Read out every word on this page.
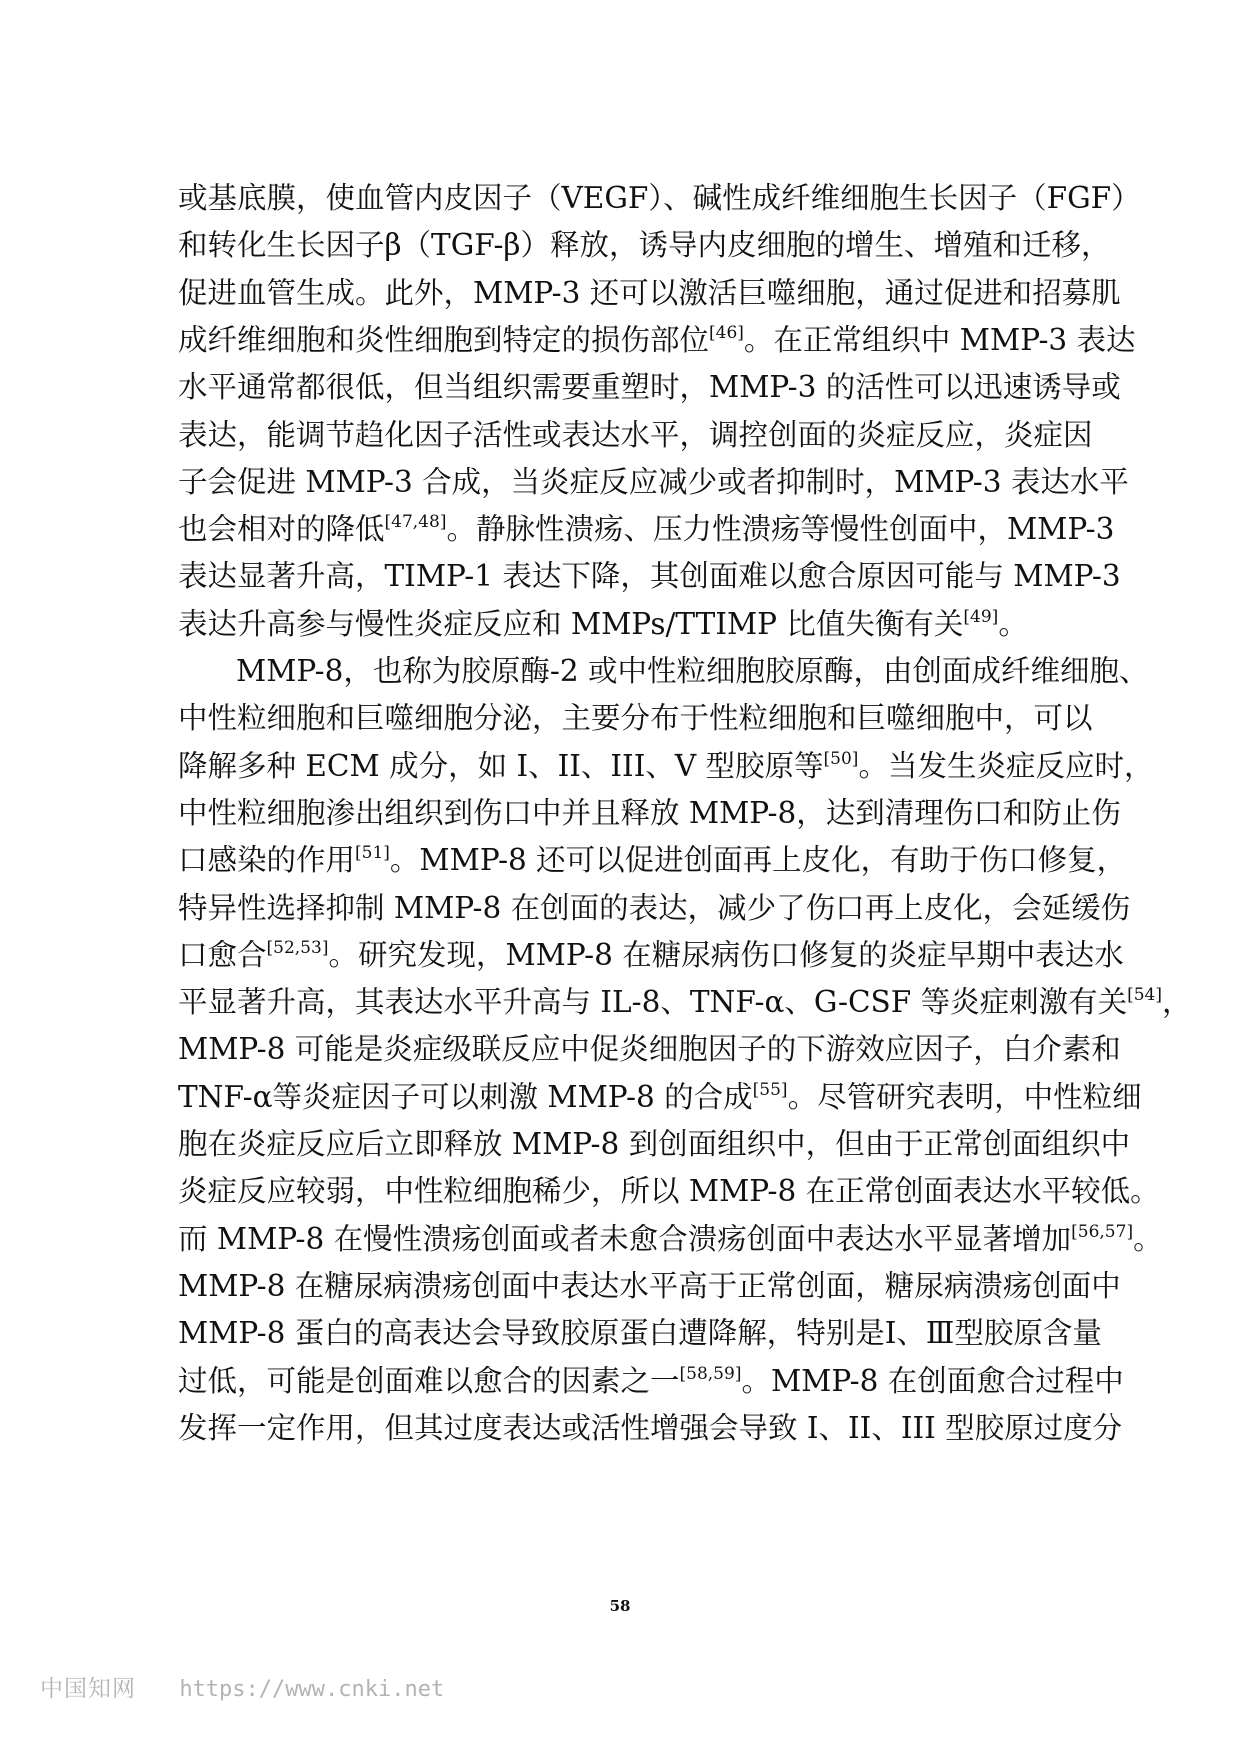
或基底膜，使血管内皮因子（VEGF）、碱性成纤维细胞生长因子（FGF）
和转化生长因子β（TGF-β）释放，诱导内皮细胞的增生、增殖和迁移，
促进血管生成。此外，MMP-3 还可以激活巨噬细胞，通过促进和招募肌
成纤维细胞和炎性细胞到特定的损伤部位[46]。在正常组织中 MMP-3 表达
水平通常都很低，但当组织需要重塑时，MMP-3 的活性可以迅速诱导或
表达，能调节趋化因子活性或表达水平，调控创面的炎症反应，炎症因
子会促进 MMP-3 合成，当炎症反应减少或者抑制时，MMP-3 表达水平
也会相对的降低[47,48]。静脉性溃疡、压力性溃疡等慢性创面中，MMP-3
表达显著升高，TIMP-1 表达下降，其创面难以愈合原因可能与 MMP-3
表达升高参与慢性炎症反应和 MMPs/TTIMP 比值失衡有关[49]。
MMP-8，也称为胶原酶-2 或中性粒细胞胶原酶，由创面成纤维细胞、
中性粒细胞和巨噬细胞分泌，主要分布于性粒细胞和巨噬细胞中，可以
降解多种 ECM 成分，如 I、II、III、V 型胶原等[50]。当发生炎症反应时，
中性粒细胞渗出组织到伤口中并且释放 MMP-8，达到清理伤口和防止伤
口感染的作用[51]。MMP-8 还可以促进创面再上皮化，有助于伤口修复，
特异性选择抑制 MMP-8 在创面的表达，减少了伤口再上皮化，会延缓伤
口愈合[52,53]。研究发现，MMP-8 在糖尿病伤口修复的炎症早期中表达水
平显著升高，其表达水平升高与 IL-8、TNF-α、G-CSF 等炎症刺激有关[54]，
MMP-8 可能是炎症级联反应中促炎细胞因子的下游效应因子，白介素和
TNF-α等炎症因子可以刺激 MMP-8 的合成[55]。尽管研究表明，中性粒细
胞在炎症反应后立即释放 MMP-8 到创面组织中，但由于正常创面组织中
炎症反应较弱，中性粒细胞稀少，所以 MMP-8 在正常创面表达水平较低。
而 MMP-8 在慢性溃疡创面或者未愈合溃疡创面中表达水平显著增加[56,57]。
MMP-8 在糖尿病溃疡创面中表达水平高于正常创面，糖尿病溃疡创面中
MMP-8 蛋白的高表达会导致胶原蛋白遭降解，特别是Ⅰ、Ⅲ型胶原含量
过低，可能是创面难以愈合的因素之一[58,59]。MMP-8 在创面愈合过程中
发挥一定作用，但其过度表达或活性增强会导致 I、II、III 型胶原过度分
58
中国知网 https://www.cnki.net
